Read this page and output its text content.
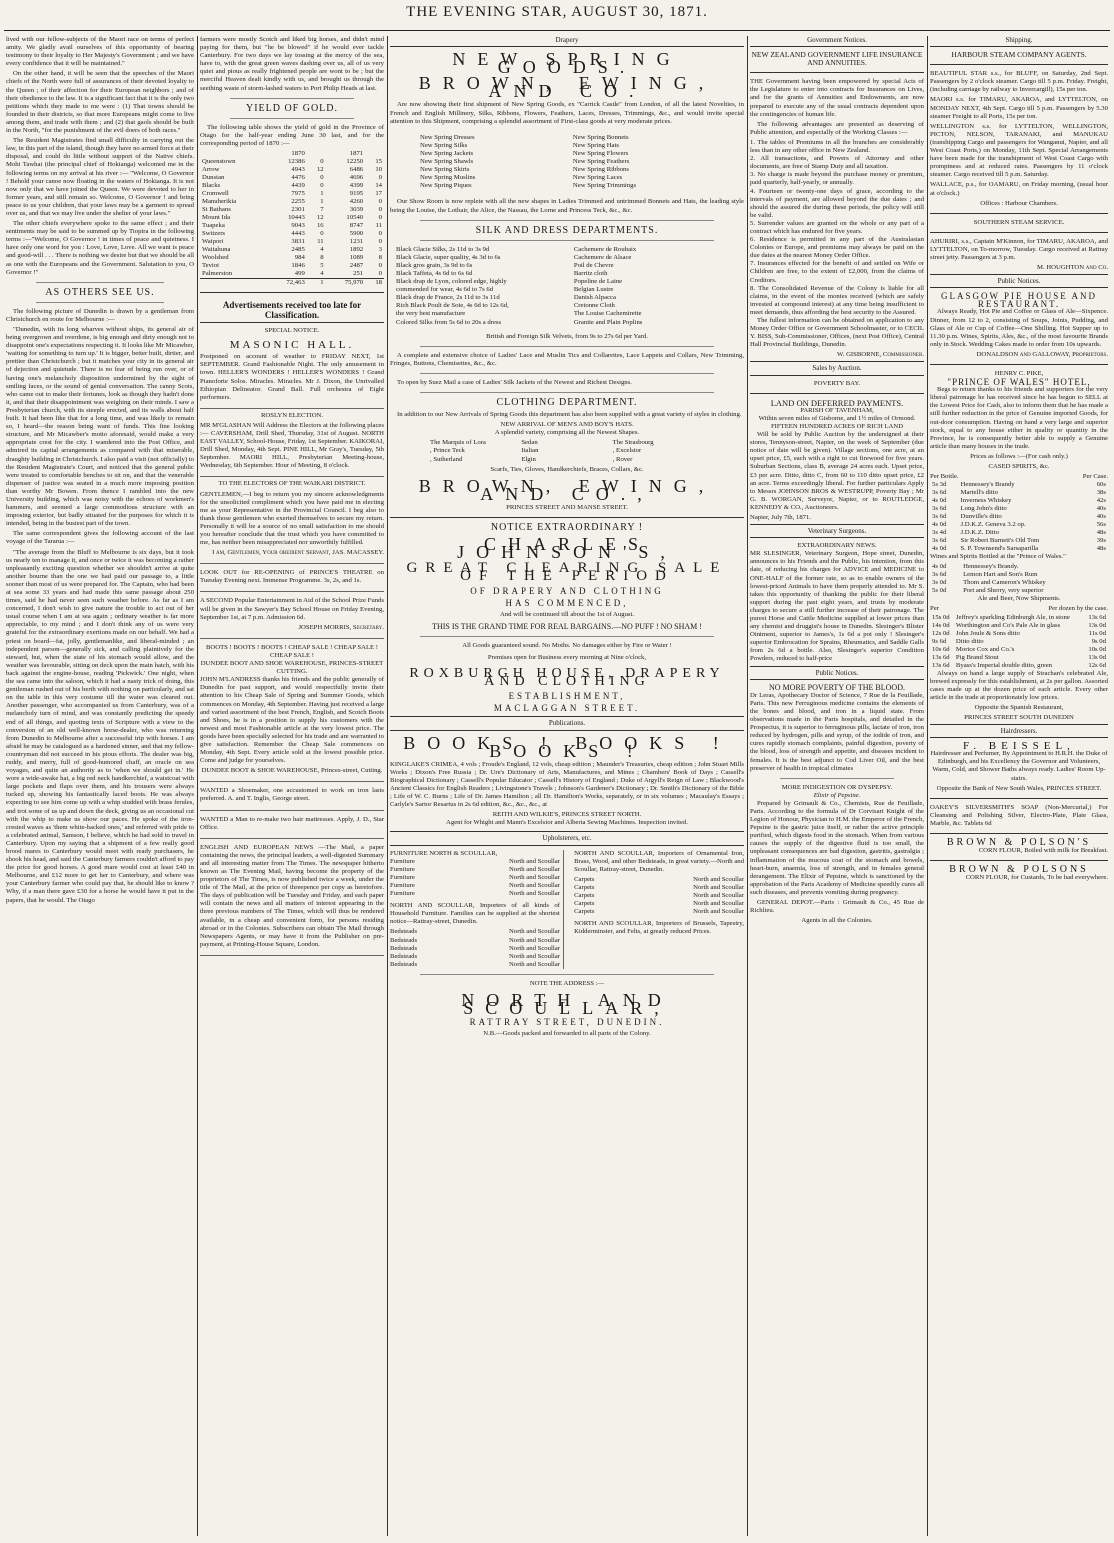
THE EVENING STAR, AUGUST 30, 1871.

lived with our fellow-subjects of the Maori race on terms of perfect amity. We gladly avail ourselves of this opportunity of bearing testimony to their loyalty to Her Majesty's Government ; and we have every confidence that it will be maintained."

On the other hand, it will be seen that the speeches of the Maori chiefs of the North were full of assurances of their devoted loyalty to the Queen ; of their affection for their European neighbors ; and of their obedience to the law. It is a significant fact that it is the only two petitions which they made to me were : (1) That towns should be founded in their districts, so that more Europeans might come to live among them, and trade with them ; and (2) that gaols should be built in the North, "for the punishment of the evil doers of both races."

The Resident Magistrates find small difficulty in carrying out the law, in this part of the island, though they have no armed force at their disposal, and could do little without support of the Native chiefs. Mohi Tawhai (the principal chief of Hokianga) welcomed me in the following terms on my arrival at his river :— "Welcome, O Governor ! Behold your canoe now floating in the waters of Hokianga. It is not now only that we have joined the Queen. We were devoted to her in former years, and still remain so. Welcome, O Governor ! and bring peace to us your children, that your laws may be a garment to spread over us, and that we may live under the shelter of your laws."

The other chiefs everywhere spoke to the same effect ; and their sentiments may be said to be summed up by Tiopira in the following terms :—"Welcome, O Governor ! in times of peace and quietness. I have only one word for you : Love, Love, Love. All we want is peace and good-will . . . There is nothing we desire but that we should be all as one with the Europeans and the Government. Salutation to you, O Governor !"

AS OTHERS SEE US.

The following picture of Dunedin is drawn by a gentleman from Christchurch en route for Melbourne :—

"Dunedin, with its long wharves without ships, its general air of being overgrown and overdone, is big enough and dirty enough not to disappoint one's expectations respecting it. It looks like Mr Micawber, 'waiting for something to turn up.' It is bigger, better built, dirtier, and prettier than Christchurch ; but it matches your city in its general air of dejection and quietude. There is no fear of being run over, or of having one's melancholy disposition undermined by the sight of smiling faces, or the sound of genial conversation. The canny Scots, who came out to make their fortunes, look as though they hadn't done it, and that their disappointment was weighing on their minds. I saw a Presbyterian church, with its steeple erected, and its walls about half built. It had been like that for a long time, and was likely to remain so, I heard—the reason being want of funds. This fine looking structure, and Mr Micawber's motto aforesaid, would make a very appropriate crest for the city. I wandered into the Post Office, and admired its capital arrangements as compared with that miserable, draughty building in Christchurch. I also paid a visit (not officially) to the Resident Magistrate's Court, and noticed that the general public were treated to comfortable benches to sit on, and that the venerable dispenser of justice was seated in a much more imposing position than worthy Mr Bowen. From thence I rambled into the new University building, which was noisy with the echoes of workmen's hammers, and seemed a large commodious structure with an imposing exterior, but badly situated for the purposes for which it is intended, being in the busiest part of the town.

The same correspondent gives the following account of the last voyage of the Tararua :—

"The average from the Bluff to Melbourne is six days, but it took us nearly ten to manage it, and once or twice it was becoming a rather unpleasantly exciting question whether we shouldn't arrive at quite another bourne than the one we had paid our passage to, a little sooner than most of us were prepared for. The Captain, who had been at sea some 33 years and had made this same passage about 250 times, said he had never seen such weather before. As far as I am concerned, I don't wish to give nature the trouble to act out of her usual course when I am at sea again ; ordinary weather is far more appreciable, to my mind ; and I don't think any of us were very grateful for the extraordinary exertions made on our behalf. We had a priest on board—fat, jolly, gentlemanlike, and liberal-minded ; an independent parson—generally sick, and calling plaintively for the steward, but, when the state of his stomach would allow, and the weather was favourable, sitting on deck upon the main hatch, with his back against the engine-house, reading 'Pickwick.' One night, when the sea came into the saloon, which it had a nasty trick of doing, this gentleman rushed out of his berth with nothing on particularly, and sat on the table in this very costume till the water was cleared out. Another passenger, who accompanied us from Canterbury, was of a melancholy turn of mind, and was constantly predicting the speedy end of all things, and quoting texts of Scripture with a view to the conversion of an old well-known horse-dealer, who was returning from Dunedin to Melbourne after a successful trip with horses. I am afraid he may be catalogued as a hardened sinner, and that my fellow-countryman did not succeed in his pious efforts. The dealer was big, ruddy, and merry, full of good-humored chaff, an oracle on sea voyages, and quite an authority as to 'when we should get in.' He wore a wide-awake hat, a big red neck handkerchief, a waistcoat with large pockets and flaps over them, and his trousers were always tucked up, showing his fantastically laced boots. He was always expecting to see him come up with a whip studded with brass ferules, and trot some of us up and down the deck, giving us an occasional cut with the whip to make us show our paces. He spoke of the iron-crested waves as 'them white-backed ones,' and referred with pride to a celebrated animal, Samson, I believe, which he had sold to travel in Canterbury. Upon my saying that a shipment of a few really good brood mares to Canterbury would meet with ready purchasers, he shook his head, and said the Canterbury farmers couldn't afford to pay the price for good horses. A good mare would cost at least £40 in Melbourne, and £12 more to get her to Canterbury, and where was your Canterbury farmer who could pay that, he should like to know ? Why, if a man there gave £30 for a horse he would have it put in the papers, that he would. The Otago

farmers were mostly Scotch and liked big horses, and didn't mind paying for them, but "he be blowed" if he would ever tackle Canterbury. For two days we lay tossing at the mercy of the sea, have to, with the great green waves dashing over us, all of us very quiet and pious as really frightened people are wont to be ; but the merciful Heaven dealt kindly with us, and brought us through the seething waste of storm-lashed waters to Port Philip Heads at last.

YIELD OF GOLD.

The following table shows the yield of gold in the Province of Otago for the half-year ending June 30 last, and for the corresponding period of 1870 :—

	1870		1871	
Queenstown	12386	0	12250	15
Arrow	4943	12	6486	10
Dunstan	4476	0	4696	0
Blacks	4439	0	4399	14
Cromwell	7975	1	9195	17
Manuherikia	2255	1	4260	0
St Bathans	2301	7	3039	0
Mount Ida	10443	12	10540	0
Tuapeka	9043	16	8747	11
Switzers	4443	0	5900	0
Waipori	3831	11	1231	0
Waitahuna	2485	4	1892	3
Woolshed	984	8	1089	8
Teviot	1846	5	2487	0
Palmerston	499	4	251	0
	72,463	1	75,970	18
Advertisements received too late for Classification.
SPECIAL NOTICE.
MASONIC HALL.

Postponed on account of weather to FRIDAY NEXT, 1st SEPTEMBER. Grand Fashionable Night. The only amusement in town. HELLER'S WONDERS ! HELLER'S WONDERS ! Grand Pianoforte Solos. Miracles. Miracles. Mr J. Dixon, the Unrivalled Ethiopian Delineator. Grand Ball. Full orchestra of Eight performers.

ROSLYN ELECTION.

MR M'GLASHAN Will Address the Electors at the following places :— CAVERSHAM, Drill Shed, Thursday, 31st of August. NORTH EAST VALLEY, School-House, Friday, 1st September. KAIKORAI, Drill Shed, Monday, 4th Sept. PINE HILL, Mr Gray's, Tuesday, 5th September. MAORI HILL, Presbyterian Meeting-house, Wednesday, 6th September. Hour of Meeting, 8 o'clock.

TO THE ELECTORS OF THE WAIKARI DISTRICT.

GENTLEMEN,—I beg to return you my sincere acknowledgments for the unsolicited compliment which you have paid me in electing me as your Representative in the Provincial Council. I beg also to thank those gentlemen who exerted themselves to secure my return. Personally it will be a source of no small satisfaction to me should you hereafter conclude that the trust which you have committed to me, has neither been misappreciated nor unworthily fulfilled.

I am, Gentlemen, Your obedient Servant, JAS. MACASSEY.

LOOK OUT for RE-OPENING of PRINCE'S THEATRE on Tuesday Evening next. Immense Programme. 3s, 2s, and 1s.

A SECOND Popular Entertainment in Aid of the School Prize Funds will be given in the Sawyer's Bay School House on Friday Evening, September 1st, at 7 p.m. Admission 6d.

JOSEPH MORRIS, Secretary.

BOOTS ! BOOTS ! BOOTS ! CHEAP SALE ! CHEAP SALE ! CHEAP SALE !
DUNDEE BOOT AND SHOE WAREHOUSE, PRINCES-STREET CUTTING.

JOHN M'LANDRESS thanks his friends and the public generally of Dunedin for past support, and would respectfully invite their attention to his Cheap Sale of Spring and Summer Goods, which commences on Monday, 4th September. Having just received a large and varied assortment of the best French, English, and Scotch Boots and Shoes, he is in a position to supply his customers with the newest and most Fashionable article at the very lowest price. The goods have been specially selected for his trade and are warranted to give satisfaction. Remember the Cheap Sale commences on Monday, 4th Sept. Every article sold at the lowest possible price. Come and judge for yourselves.

DUNDEE BOOT & SHOE WAREHOUSE, Princes-street, Cutting.

WANTED a Shoemaker, one accustomed to work on iron lasts preferred. A. and T. Inglis, George street.

WANTED a Man to re-make two hair mattresses. Apply, J. D., Star Office.

ENGLISH AND EUROPEAN NEWS —The Mail, a paper containing the news, the principal leaders, a well-digested Summary and all interesting matter from The Times. The newspaper hitherto known as The Evening Mail, having become the property of the proprietors of The Times, is now published twice a week, under the title of The Mail, at the price of threepence per copy as heretofore. The days of publication will be Tuesday and Friday, and each paper will contain the news and all matters of interest appearing in the three previous numbers of The Times, which will thus be rendered available, in a cheap and convenient form, for persons residing abroad or in the Colonies. Subscribers can obtain The Mail through Newspapers Agents, or may have it from the Publisher on pre-payment, at Printing-House Square, London.

Drapery
NEW SPRING GOODS.
BROWN, EWING, AND CO.

Are now showing their first shipment of New Spring Goods, ex "Carrick Castle" from London, of all the latest Novelties, in French and English Millinery, Silks, Ribbons, Flowers, Feathers, Laces, Dresses, Trimmings, &c., and would invite special attention to this Shipment, comprising a splendid assortment of First-class goods at very moderate prices.

New Spring Dresses
New Spring Silks
New Spring Jackets
New Spring Shawls
New Spring Skirts
New Spring Muslins
New Spring Piques
New Spring Bonnets
New Spring Hats
New Spring Flowers
New Spring Feathers
New Spring Ribbons
New Spring Laces
New Spring Trimmings

Our Show Room is now replete with all the new shapes in Ladies Trimmed and untrimmed Bonnets and Hats, the leading style being the Louise, the Lothair, the Alice, the Nassau, the Lorne and Princess Teck, &c., &c.

SILK AND DRESS DEPARTMENTS.
Black Glacie Silks, 2s 11d to 3s 9d
Black Glacie, super quality, 4s 3d to 6s
Black gros grain, 3s 9d to 6s
Black Taffeta, 4s 6d to 6s 6d
Black drap de Lyon, colored edge, highly
commended for wear, 4s 6d to 7s 6d
Black drap de France, 2s 11d to 3s 11d
Rich Black Poult de Soie, 4s 6d to 12s 6d,
the very best manufacture
Colored Silks from 5s 6d to 20s a dress
Cachemere de Roubaix
Cachemere de Alsace
Poil de Chevre
Barritz cloth
Popeline de Laine
Belgian Lustre
Danish Alpacca
Cretonne Cloth
The Louise Cachemirette
Granite and Plain Poplins

British and Foreign Silk Velvets, from 9s to 27s 6d per Yard.

A complete and extensive choice of Ladies' Lace and Muslin Tics and Collarettes, Lace Lappets and Collars, New Trimming, Fringes, Buttons, Chemisettes, &c., &c.

To open by Suez Mail a case of Ladies' Silk Jackets of the Newest and Richest Designs.

CLOTHING DEPARTMENT.

In addition to our New Arrivals of Spring Goods this department has also been supplied with a great variety of styles in clothing.

NEW ARRIVAL OF MEN'S AND BOY'S HATS.
A splendid variety, comprising all the Newest Shapes.
The Marquis of Lora	Sedan	The Strasbourg
, Prince Teck	Italian	, Excelsior
, Sutherland	Elgin	, Rover
Scarfs, Ties, Gloves, Handkerchiefs, Braces, Collars, &c.
BROWN, EWING, AND CO.,
PRINCES STREET AND MANSE STREET.
NOTICE EXTRAORDINARY !
CHARLES JOHNSON'S,
GREAT CLEARING SALE OF THE PERIOD
OF DRAPERY AND CLOTHING
HAS COMMENCED,
And will be continued till about the 1st of August.
THIS IS THE GRAND TIME FOR REAL BARGAINS.—NO PUFF ! NO SHAM !
All Goods guaranteed sound. No Moths. No damages either by Fire or Water !
Premises open for Business every morning at Nine o'clock,
ROXBURGH HOUSE, DRAPERY AND CLOTHING
ESTABLISHMENT,
MACLAGGAN STREET.
Publications.
BOOKS ! BOOKS ! BOOKS !

KINGLAKE'S CRIMEA, 4 vols ; Froude's England, 12 vols, cheap edition ; Maunder's Treasuries, cheap edition ; John Stuart Mills Works ; Dixon's Free Russia ; Dr. Ure's Dictionary of Arts, Manufactures, and Mines ; Chambers' Book of Days ; Cassell's Biographical Dictionary ; Cassell's Popular Educator ; Cassell's History of England ; Duke of Argyll's Reign of Law ; Blackwood's Ancient Classics for English Readers ; Livingstone's Travels ; Johnson's Gardener's Dictionary ; Dr. Smith's Dictionary of the Bible ; Life of W. C. Burns ; Life of Dr. James Hamilton ; all Dr. Hamilton's Works, separately, or in six volumes ; Macaulay's Essays ; Carlyle's Sartor Resartus in 2s 6d edition, &c., &c., &c., at

REITH AND WILKIE'S, PRINCES STREET NORTH.
Agent for Whight and Mann's Excelsior and Alberta Sewing Machines. Inspection invited.
Upholsterers, etc.
FURNITURE NORTH & SCOULLAR,
Furniture	North and Scoullar
Furniture	North and Scoullar
Furniture	North and Scoullar
Furniture	North and Scoullar
Furniture	North and Scoullar

NORTH AND SCOULLAR, Importers of all kinds of Household Furniture. Families can be supplied at the shortest notice—Rattray-street, Dunedin.

Bedsteads	North and Scoullar
Bedsteads	North and Scoullar
Bedsteads	North and Scoullar
Bedsteads	North and Scoullar
Bedsteads	North and Scoullar

NORTH AND SCOULLAR, Importers of Ornamental Iron, Brass, Wood, and other Bedsteads, in great variety.—North and Scoullar, Rattray-street, Dunedin.

Carpets	North and Scoullar
Carpets	North and Scoullar
Carpets	North and Scoullar
Carpets	North and Scoullar
Carpets	North and Scoullar

NORTH AND SCOULLAR, Importers of Brussels, Tapestry, Kidderminster, and Felts, at greatly reduced Prices.

NOTE THE ADDRESS :—
NORTH AND SCOULLAR,
RATTRAY STREET, DUNEDIN.
N.B.—Goods packed and forwarded to all parts of the Colony.
Government Notices.
NEW ZEALAND GOVERNMENT LIFE INSURANCE AND ANNUITIES.

THE Government having been empowered by special Acts of the Legislature to enter into contracts for Insurances on Lives, and for the grants of Annuities and Endowments, are now prepared to execute any of the usual contracts dependent upon the contingencies of human life.

The following advantages are presented as deserving of Public attention, and especially of the Working Classes :—

1. The tables of Premiums in all the branches are considerably less than in any other office in New Zealand.
2. All transactions, and Powers of Attorney and other documents, are free of Stamp Duty and all taxation.
3. No charge is made beyond the purchase money or premium, paid quarterly, half-yearly, or annually.
4. Fourteen or twenty-one days of grace, according to the intervals of payment, are allowed beyond the due dates ; and should the assured die during these periods, the policy will still be valid.
5. Surrender values are granted on the whole or any part of a contract which has endured for five years.
6. Residence is permitted in any part of the Australasian Colonies or Europe, and premiums may always be paid on the due dates at the nearest Money Order Office.
7. Insurances effected for the benefit of and settled on Wife or Children are free, to the extent of £2,000, from the claims of Creditors.
8. The Consolidated Revenue of the Colony is liable for all claims, in the event of the monies received (which are safely invested at compound interest) at any time being insufficient to meet demands, thus affording the best security to the Assured.

The fullest information can be obtained on application to any Money Order Office or Government Schoolmaster, or to CECIL Y. BISS, Sub-Commissioner, Offices, (next Post Office), Central Hall Provincial Buildings, Dunedin.

W. GISBORNE, Commissioner.

Sales by Auction.
POVERTY BAY.
LAND ON DEFERRED PAYMENTS.
PARISH OF TAVENHAM,
Within seven miles of Gisborne, and 1½ miles of Ormond.
FIFTEEN HUNDRED ACRES OF RICH LAND

Will be sold by Public Auction by the undersigned at their stores, Tennyson-street, Napier, on the week of September (due notice of date will be given). Village sections, one acre, at an upset price, £5, each with a right to cut firewood for five years. Suburban Sections, class B, average 24 acres each. Upset price, £3 per acre. Ditto, ditto C, from 60 to 110 ditto upset price, £2 an acre. Terms exceedingly liberal. For further particulars Apply to Messrs JOHNSON BROS & WESTRUPP, Poverty Bay ; Mr G. B. WORGAN, Surveyor, Napier, or to ROUTLEDGE, KENNEDY & CO., Auctioneers.

Napier, July 7th, 1871.

Veterinary Surgeons.
EXTRAORDINARY NEWS.

MR SLESINGER, Veterinary Surgeon, Hope street, Dunedin, announces to his Friends and the Public, his intention, from this date, of reducing his charges for ADVICE and MEDICINE to ONE-HALF of the former rate, so as to enable owners of the lowest-priced Animals to have them properly attended to. Mr S. takes this opportunity of thanking the public for their liberal support during the past eight years, and trusts by moderate charges to secure a still further increase of their patronage. The purest Horse and Cattle Medicine supplied at lower prices than any chemist and druggist's house in Dunedin. Slesinger's Blister Ointment, superior to James's, 1s 6d a pot only ! Slesinger's superior Embrocation for Sprains, Rheumatics, and Saddle Galls from 2s 6d a bottle. Also, Slesinger's superior Condition Powders, reduced to half-price

Public Notices.
NO MORE POVERTY OF THE BLOOD.

Dr Leras, Apothecary Doctor of Science, 7 Rue de la Feuillade, Paris. This new Ferruginous medicine contains the elements of the bones and blood, and iron in a liquid state. From observations made in the Paris hospitals, and detailed in the Prospectus, it is superior to ferruginous pills, lactate of iron, iron reduced by hydrogen, pills and syrup, of the iodide of iron, and cures rapidly stomach complaints, painful digestion, poverty of the blood, loss of strength and appetite, and diseases incident to females. It is the best adjunct to Cod Liver Oil, and the best preserver of health in tropical climates

MORE INDIGESTION OR DYSPEPSY.
Elixir of Pepsine.

Prepared by Grimault & Co., Chemists, Rue de Feuillade, Paris. According to the formula of Dr Corvisart Knight of the Legion of Honour, Physician to H.M. the Emperor of the French, Pepsine is the gastric juice itself, or rather the active principle purified, which digests food in the stomach. When from various causes the supply of the digestive fluid is too small, the unpleasant consequences are bad digestion, gastritis, gastralgia ; inflammation of the mucous coat of the stomach and bowels, heart-burn, anaemia, loss of strength, and in females general derangement. The Elixir of Pepsine, which is sanctioned by the approbation of the Paris Academy of Medicine speedily cures all such diseases, and prevents vomiting during pregnancy.

GENERAL DEPOT.—Paris : Grimault & Co., 45 Rue de Richlieu.

Agents in all the Colonies.

Shipping.
HARBOUR STEAM COMPANY AGENTS.

BEAUTIFUL STAR s.s., for BLUFF, on Saturday, 2nd Sept. Passengers by 2 o'clock steamer. Cargo till 5 p.m. Friday. Freight, (including carriage by railway to Invercargill), 15s per ton.

MAORI s.s. for TIMARU, AKAROA, and LYTTELTON, on MONDAY NEXT, 4th Sept. Cargo till 5 p.m. Passengers by 5.30 steamer Freight to all Ports, 15s per ton.

WELLINGTON s.s. for LYTTELTON, WELLINGTON, PICTON, NELSON, TARANAKI, and MANUKAU (transhipping Cargo and passengers for Wanganui, Napier, and all West Coast Ports,) on Monday, 11th Sept. Special Arrangements have been made for the transhipment of West Coast Cargo with promptness and at reduced rates. Passengers by 11 o'clock steamer. Cargo received till 5 p.m. Saturday.

WALLACE, p.s., for OAMARU, on Friday morning, (usual hour at o'clock.)

Offices : Harbour Chambers.
SOUTHERN STEAM SERVICE.

AHURIRI, s.s., Captain M'Kinnon, for TIMARU, AKAROA, and LYTTELTON, on To-morrow, Tuesday. Cargo received at Rattray street jetty. Passengers at 3 p.m.

M. HOUGHTON and Co.

Public Notices.
GLASGOW PIE HOUSE AND RESTAURANT.

Always Ready, Hot Pie and Coffee or Glass of Ale—Sixpence. Dinner, from 12 to 2, consisting of Soups, Joints, Pudding, and Glass of Ale or Cup of Coffee—One Shilling. Hot Supper up to 11.30 p.m. Wines, Spirits, Ales, &c., of the most favourite Brands only in Stock. Wedding Cakes made to order from 10s upwards.

DONALDSON and GALLOWAY, Proprietors.

HENRY C. PIKE,
"PRINCE OF WALES" HOTEL,

Begs to return thanks to his friends and supporters for the very liberal patronage he has received since he has begun to SELL at the Lowest Price for Cash, also to inform them that he has made a still further reduction in the price of Genuine imported Goods, for out-door consumption. Having on hand a very large and superior stock, equal to any house either in quality or quantity in the Province, he is consequently better able to supply a Genuine article than many houses in the trade.

Prices as follows :—(For cash only.)

CASED SPIRITS, &c.

Per Bottle.	Per Case.
5s 3d	Hennessey's Brandy	60s
3s 6d	Martell's ditto	38s
4s 0d	Inverness Whiskey	42s
3s 6d	Long John's ditto	40s
3s 6d	Dunville's ditto	40s
4s 0d	J.D.K.Z. Geneva 3.2 op.	56s
3s 4d	J.D.K.Z. Ditto	48s
3s 6d	Sir Robert Burnett's Old Tom	39s
4s 0d	S. P. Townsend's Sarsaparilla	48s

Wines and Spirits Bottled at the "Prince of Wales."

4s 0d	Hennessey's Brandy.
3s 6d	Lemon Hart and Son's Rum
3s 0d	Thom and Cameron's Whiskey
5s 0d	Port and Sherry, very superior

Ale and Beer, Now Shipments.

Per	Per dozen by the case.
15s 0d	Jeffrey's sparkling Edinburgh Ale, in stone	13s 6d
14s 0d	Worthington and Co's Pale Ale in glass	13s 0d
12s 0d	John Joule & Sons ditto	11s 0d
9s 6d	Ditto ditto	9s 0d
10s 6d	Morice Cox and Co.'s	10s 0d
13s 6d	Pig Brand Stout	13s 0d
13s 6d	Byass's Imperial double ditto, green	12s 6d

Always on hand a large supply of Strachan's celebrated Ale, brewed expressly for this establishment, at 2s per gallon. Assorted cases made up at the dozen price of each article. Every other article in the trade at proportionately low prices.

Opposite the Spanish Restaurant,

PRINCES STREET SOUTH DUNEDIN

Hairdressers.
F. BEISSEL,

Hairdresser and Perfumer, By Appointment to H.R.H. the Duke of Edinburgh, and his Excellency the Governor and Volunteers, Warm, Cold, and Shower Baths always ready. Ladies' Room Up-stairs.

Opposite the Bank of New South Wales, PRINCES STREET.

OAKEY'S SILVERSMITH'S SOAP (Non-Mercurial,) For Cleansing and Polishing Silver, Electro-Plate, Plate Glass, Marble, &c. Tablets 6d

BROWN & POLSON'S

CORN FLOUR, Boiled with milk for Breakfast.

BROWN & POLSONS

CORN FLOUR, for Custards, To be had everywhere.
